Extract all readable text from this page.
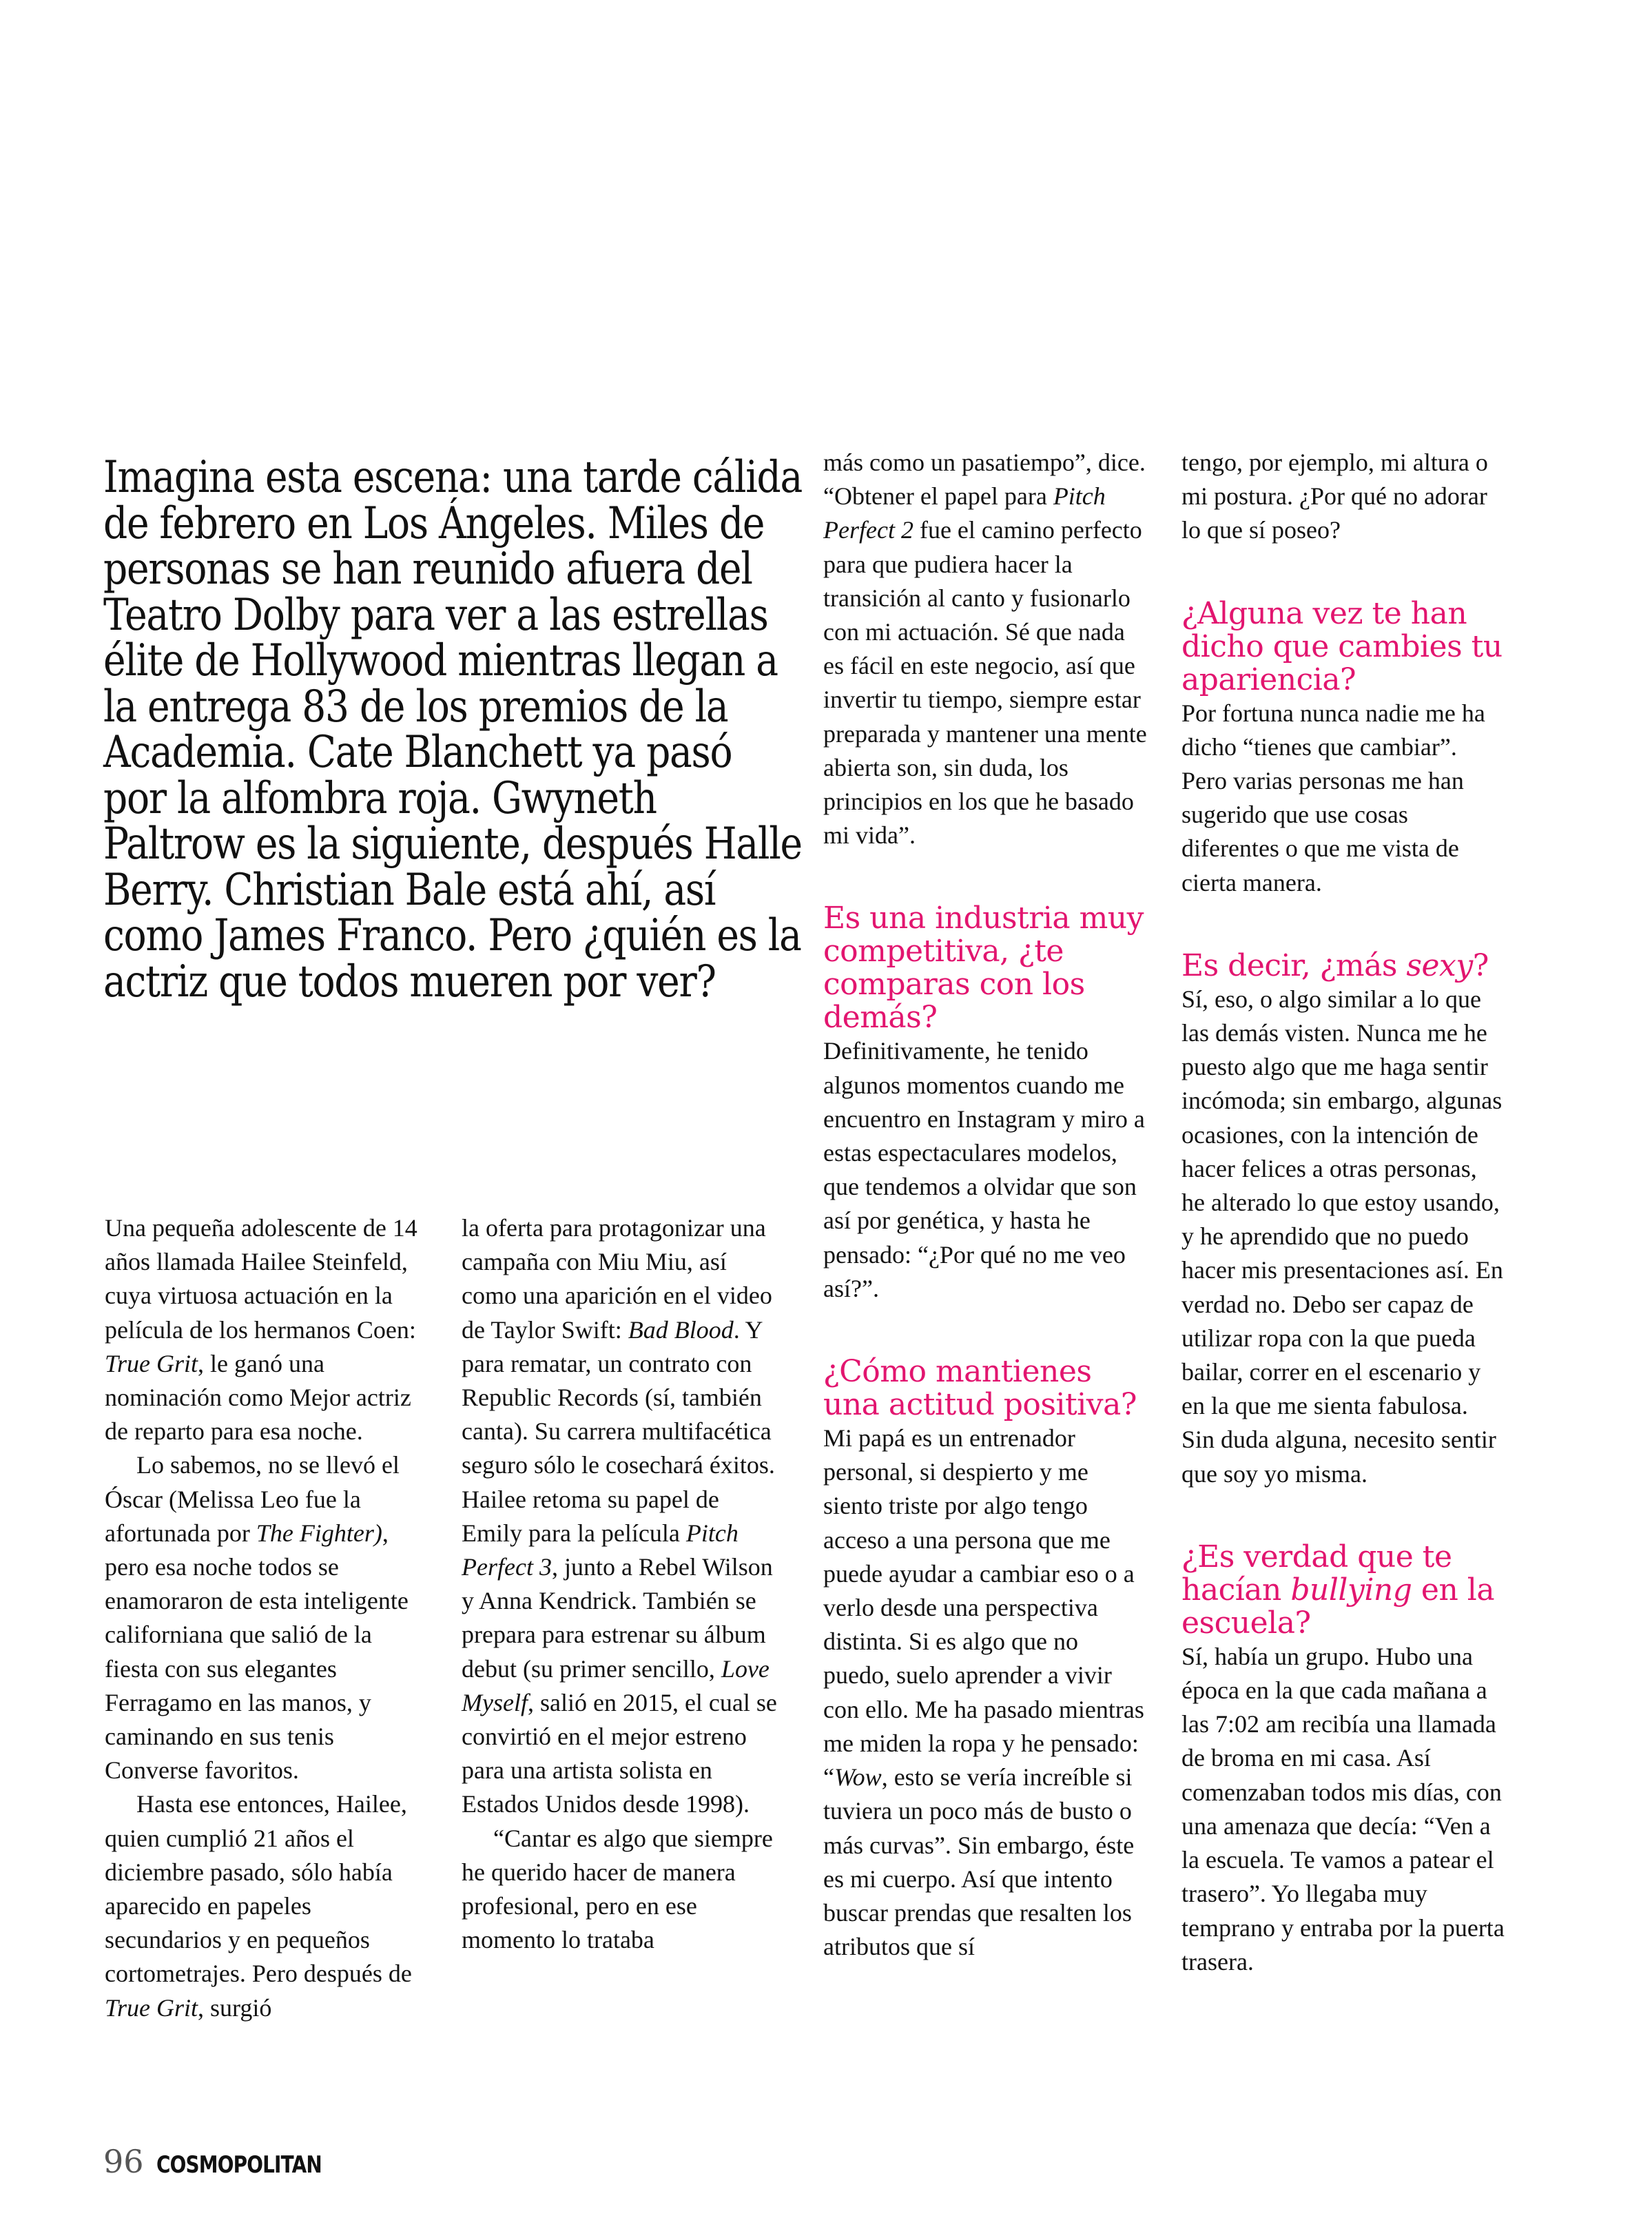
Imagina esta escena: una tarde cálida de febrero en Los Ángeles. Miles de personas se han reunido afuera del Teatro Dolby para ver a las estrellas élite de Hollywood mientras llegan a la entrega 83 de los premios de la Academia. Cate Blanchett ya pasó por la alfombra roja. Gwyneth Paltrow es la siguiente, después Halle Berry. Christian Bale está ahí, así como James Franco. Pero ¿quién es la actriz que todos mueren por ver?

Una pequeña adolescente de 14 años llamada Hailee Steinfeld, cuya virtuosa actuación en la película de los hermanos Coen: True Grit, le ganó una nominación como Mejor actriz de reparto para esa noche.

Lo sabemos, no se llevó el Óscar (Melissa Leo fue la afortunada por The Fighter), pero esa noche todos se enamoraron de esta inteligente californiana que salió de la fiesta con sus elegantes Ferragamo en las manos, y caminando en sus tenis Converse favoritos.

Hasta ese entonces, Hailee, quien cumplió 21 años el diciembre pasado, sólo había aparecido en papeles secundarios y en pequeños cortometrajes. Pero después de True Grit, surgió

la oferta para protagonizar una campaña con Miu Miu, así como una aparición en el video de Taylor Swift: Bad Blood. Y para rematar, un contrato con Republic Records (sí, también canta). Su carrera multifacética seguro sólo le cosechará éxitos. Hailee retoma su papel de Emily para la película Pitch Perfect 3, junto a Rebel Wilson y Anna Kendrick. También se prepara para estrenar su álbum debut (su primer sencillo, Love Myself, salió en 2015, el cual se convirtió en el mejor estreno para una artista solista en Estados Unidos desde 1998).

“Cantar es algo que siempre he querido hacer de manera profesional, pero en ese momento lo trataba

más como un pasatiempo”, dice. “Obtener el papel para Pitch Perfect 2 fue el camino perfecto para que pudiera hacer la transición al canto y fusionarlo con mi actuación. Sé que nada es fácil en este negocio, así que invertir tu tiempo, siempre estar preparada y mantener una mente abierta son, sin duda, los principios en los que he basado mi vida”.

Es una industria muy competitiva, ¿te comparas con los demás?

Definitivamente, he tenido algunos momentos cuando me encuentro en Instagram y miro a estas espectaculares modelos, que tendemos a olvidar que son así por genética, y hasta he pensado: “¿Por qué no me veo así?”.

¿Cómo mantienes una actitud positiva?

Mi papá es un entrenador personal, si despierto y me siento triste por algo tengo acceso a una persona que me puede ayudar a cambiar eso o a verlo desde una perspectiva distinta. Si es algo que no puedo, suelo aprender a vivir con ello. Me ha pasado mientras me miden la ropa y he pensado: “Wow, esto se vería increíble si tuviera un poco más de busto o más curvas”. Sin embargo, éste es mi cuerpo. Así que intento buscar prendas que resalten los atributos que sí

tengo, por ejemplo, mi altura o mi postura. ¿Por qué no adorar lo que sí poseo?

¿Alguna vez te han dicho que cambies tu apariencia?

Por fortuna nunca nadie me ha dicho “tienes que cambiar”. Pero varias personas me han sugerido que use cosas diferentes o que me vista de cierta manera.

Es decir, ¿más sexy?

Sí, eso, o algo similar a lo que las demás visten. Nunca me he puesto algo que me haga sentir incómoda; sin embargo, algunas ocasiones, con la intención de hacer felices a otras personas, he alterado lo que estoy usando, y he aprendido que no puedo hacer mis presentaciones así. En verdad no. Debo ser capaz de utilizar ropa con la que pueda bailar, correr en el escenario y en la que me sienta fabulosa. Sin duda alguna, necesito sentir que soy yo misma.

¿Es verdad que te hacían bullying en la escuela?

Sí, había un grupo. Hubo una época en la que cada mañana a las 7:02 am recibía una llamada de broma en mi casa. Así comenzaban todos mis días, con una amenaza que decía: “Ven a la escuela. Te vamos a patear el trasero”. Yo llegaba muy temprano y entraba por la puerta trasera.

96 COSMOPOLITAN
